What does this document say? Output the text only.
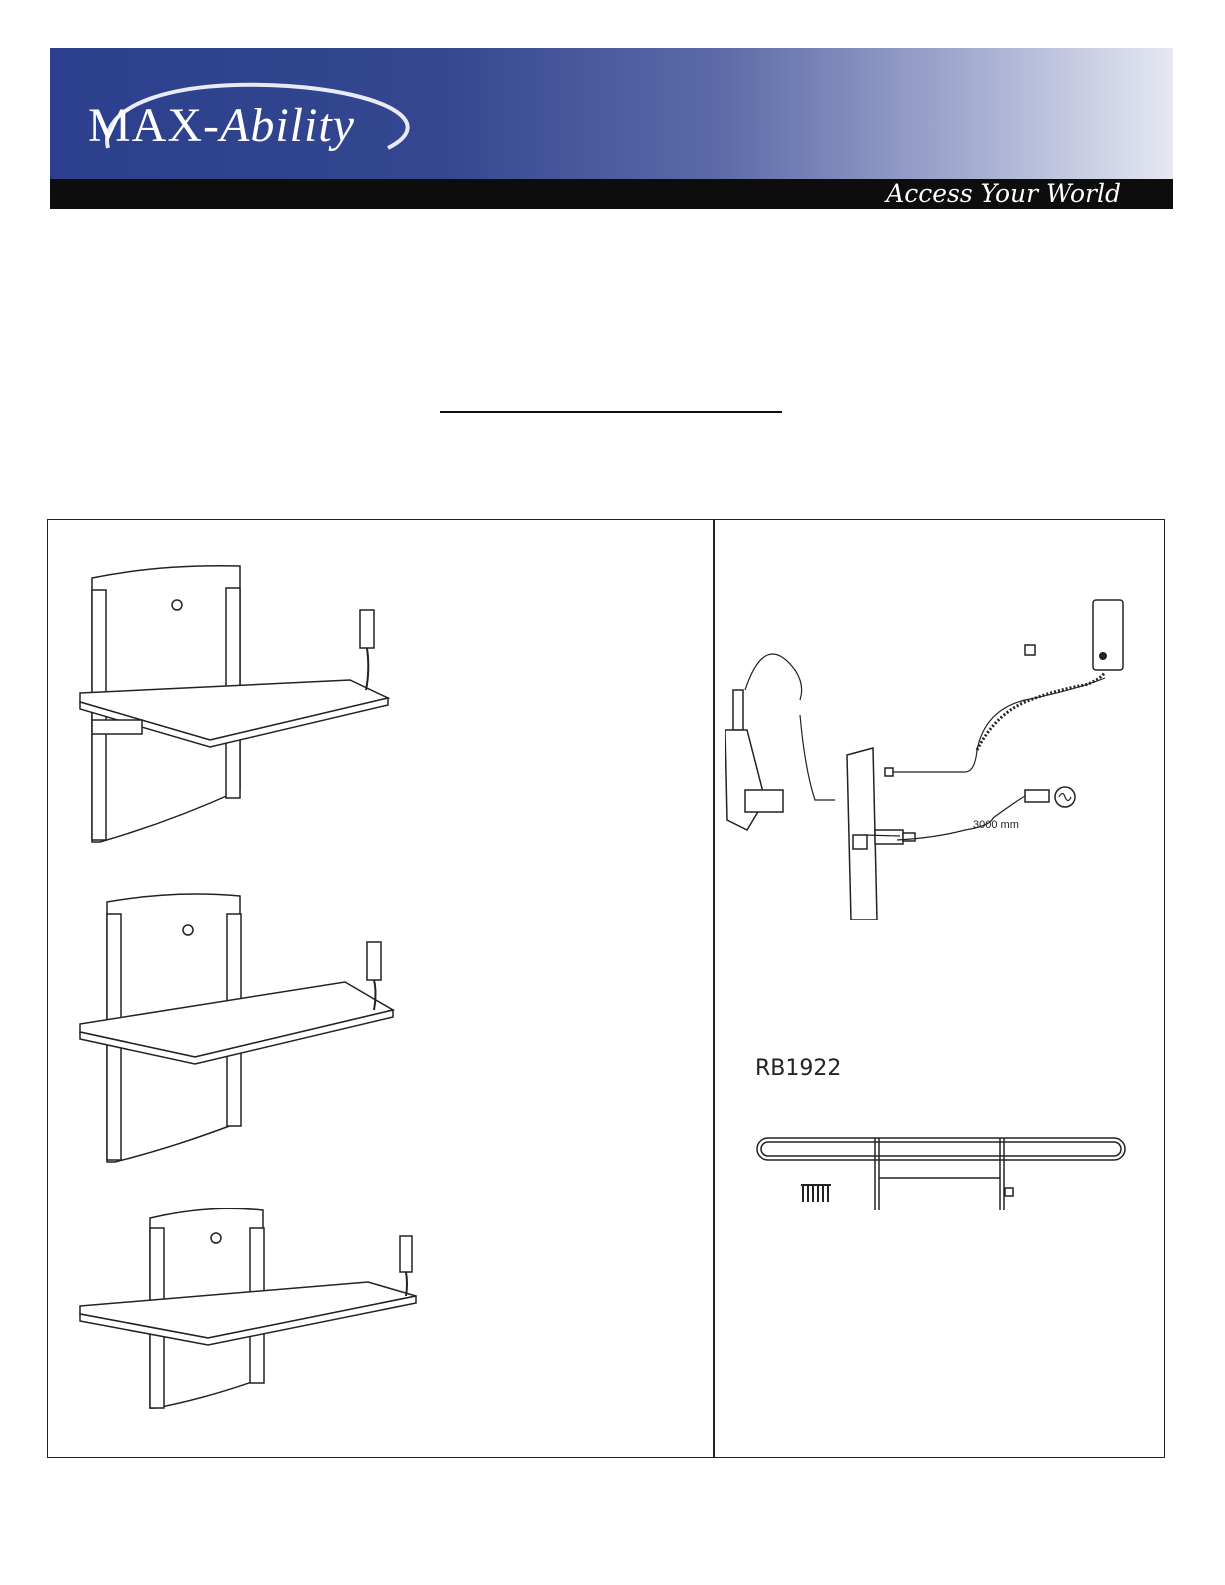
MAX-Ability
Access Your World
3000 mm
RB1922
